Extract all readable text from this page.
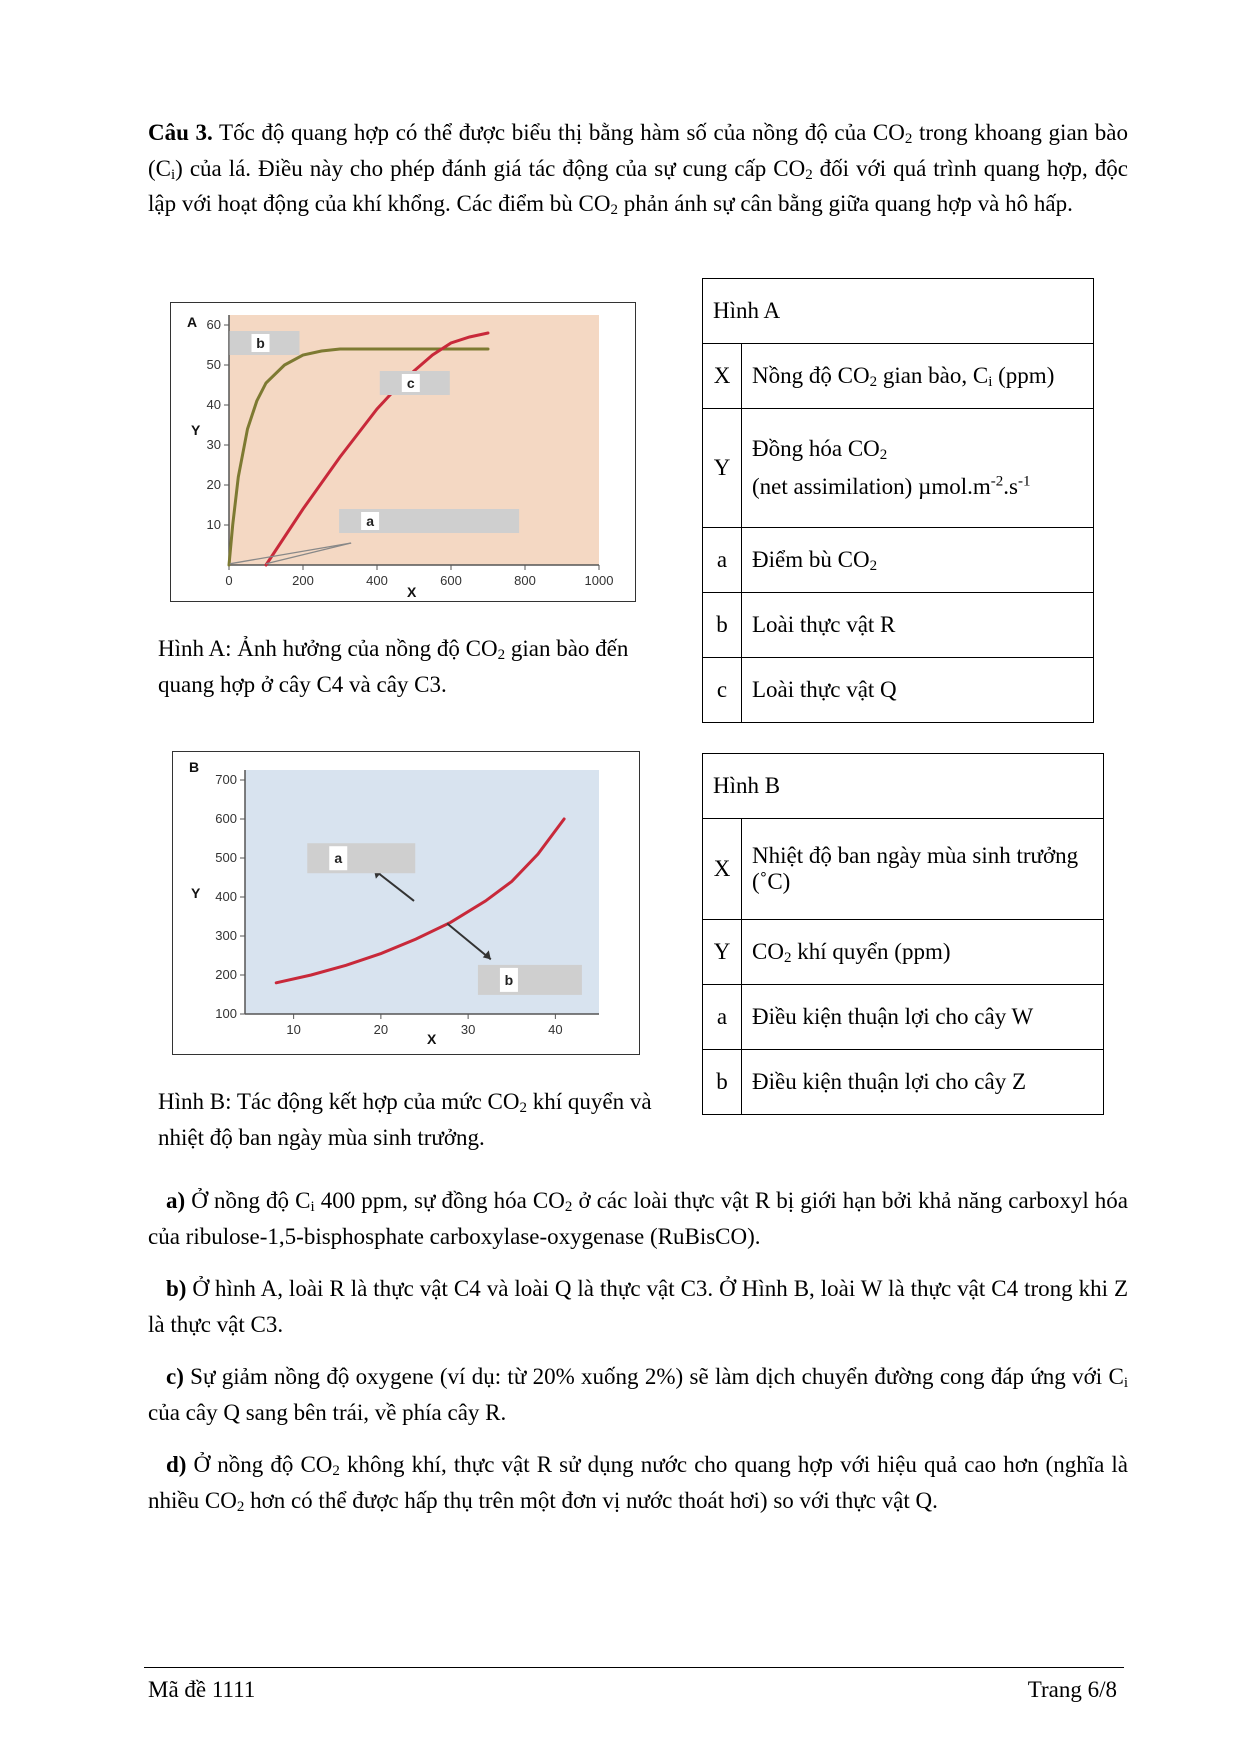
Câu 3. Tốc độ quang hợp có thể được biểu thị bằng hàm số của nồng độ của $CO_2$ trong khoang gian bào $(C_i)$ của lá. Điều này cho phép đánh giá tác động của sự cung cấp $CO_2$ đối với quá trình quang hợp, độc lập với hoạt động của khí khổng. Các điểm bù $CO_2$ phản ánh sự cân bằng giữa quang hợp và hô hấp.
10
20
30
40
50
60
0	200	400	600	800	1000
A
Y
X
b
c
a
Hình A: Ảnh hưởng của nồng độ $CO_2$ gian bào đến quang hợp ở cây C4 và cây C3.
Hình A	
X	Nồng độ $CO_2$ gian bào, $C_i$ (ppm)
Y	Đồng hóa $CO_2$
(net assimilation) $\mu mol.m^{-2}.s^{-1}$
a	Điểm bù $CO_2$
b	Loài thực vật R
c	Loài thực vật Q
100
200
300
400
500
600
700
10	20	30	40
B
Y
X
a
b
Hình B: Tác động kết hợp của mức $CO_2$ khí quyển và nhiệt độ ban ngày mùa sinh trưởng.
Hình B	
X	Nhiệt độ ban ngày mùa sinh trưởng (˚C)
Y	$CO_2$ khí quyển (ppm)
a	Điều kiện thuận lợi cho cây W
b	Điều kiện thuận lợi cho cây Z
a) Ở nồng độ $C_i$ 400 ppm, sự đồng hóa $CO_2$ ở các loài thực vật R bị giới hạn bởi khả năng carboxyl hóa của ribulose-1,5-bisphosphate carboxylase-oxygenase (RuBisCO).
b) Ở hình A, loài R là thực vật C4 và loài Q là thực vật C3. Ở Hình B, loài W là thực vật C4 trong khi Z là thực vật C3.
c) Sự giảm nồng độ oxygene (ví dụ: từ 20% xuống 2%) sẽ làm dịch chuyển đường cong đáp ứng với $C_i$ của cây Q sang bên trái, về phía cây R.
d) Ở nồng độ $CO_2$ không khí, thực vật R sử dụng nước cho quang hợp với hiệu quả cao hơn (nghĩa là nhiều $CO_2$ hơn có thể được hấp thụ trên một đơn vị nước thoát hơi) so với thực vật Q.
Mã đề 1111	Trang 6/8
